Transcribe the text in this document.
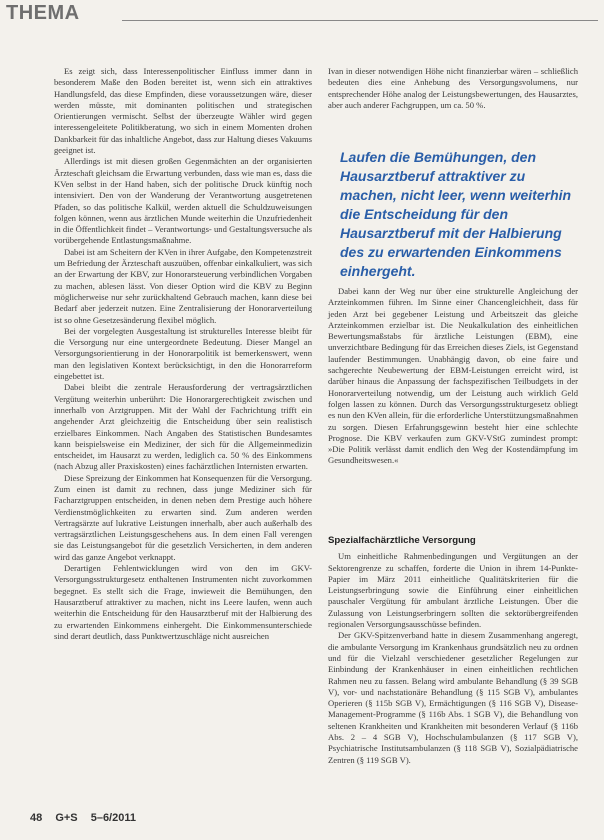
THEMA

Es zeigt sich, dass Interessenpolitischer Einfluss immer dann in besonderem Maße den Boden bereitet ist, wenn sich ein attraktives Handlungsfeld, das diese Empfinden, diese voraussetzungen wäre, dieser werden müsste, mit dominanten politischen und strategischen Orientierungen vermischt. Selbst der überzeugte Wähler wird gegen interessengeleitete Politikberatung, wo sich in einem Momenten drohen Dankbarkeit für das inhaltliche Angebot, dass zur Haltung dieses Vakuums geeignet ist.

Allerdings ist mit diesen großen Gegenmächten an der organisierten Ärzteschaft gleichsam die Erwartung verbunden, dass wie man es, dass die KVen selbst in der Hand haben, sich der politische Druck künftig noch intensiviert. Den von der Wanderung der Verantwortung ausgetretenen Pfaden, so das politische Kalkül, werden aktuell die Schuldzuweisungen folgen können, wenn aus ärztlichen Munde weiterhin die Unzufriedenheit in die Öffentlichkeit findet – Verantwortungs- und Gestaltungsversuche als vorübergehende Entlastungsmaßnahme.

Dabei ist am Scheitern der KVen in ihrer Aufgabe, den Kompetenzstreit um Befriedung der Ärzteschaft auszuüben, offenbar einkalkuliert, was sich an der Erwartung der KBV, zur Honorarsteuerung verbindlichen Vorgaben zu machen, ablesen lässt. Von dieser Option wird die KBV zu Beginn möglicherweise nur sehr zurückhaltend Gebrauch machen, kann diese bei Bedarf aber jederzeit nutzen. Eine Zentralisierung der Honorarverteilung ist so ohne Gesetzesänderung flexibel möglich.

Bei der vorgelegten Ausgestaltung ist strukturelles Interesse bleibt für die Versorgung nur eine untergeordnete Bedeutung. Dieser Mangel an Versorgungsorientierung in der Honorarpolitik ist bemerkenswert, wenn man den legislativen Kontext berücksichtigt, in den die Honorarreform eingebettet ist.

Dabei bleibt die zentrale Herausforderung der vertragsärztlichen Vergütung weiterhin unberührt: Die Honorargerechtigkeit zwischen und innerhalb von Arztgruppen. Mit der Wahl der Fachrichtung trifft ein angehender Arzt gleichzeitig die Entscheidung über sein realistisch erzielbares Einkommen. Nach Angaben des Statistischen Bundesamtes kann beispielsweise ein Mediziner, der sich für die Allgemeinmedizin entscheidet, im Hausarzt zu werden, lediglich ca. 50 % des Einkommens (nach Abzug aller Praxiskosten) eines fachärztlichen Internisten erwarten.

Diese Spreizung der Einkommen hat Konsequenzen für die Versorgung. Zum einen ist damit zu rechnen, dass junge Mediziner sich für Facharztgruppen entscheiden, in denen neben dem Prestige auch höhere Verdienstmöglichkeiten zu erwarten sind. Zum anderen werden Vertragsärzte auf lukrative Leistungen innerhalb, aber auch außerhalb des vertragsärztlichen Leistungsgeschehens aus. In dem einen Fall verengen sie das Leistungsangebot für die gesetzlich Versicherten, in dem anderen wird das ganze Angebot verknappt.

Derartigen Fehlentwicklungen wird von den im GKV-Versorgungsstrukturgesetz enthaltenen Instrumenten nicht zuvorkommen begegnet. Es stellt sich die Frage, inwieweit die Bemühungen, den Hausarztberuf attraktiver zu machen, nicht ins Leere laufen, wenn auch weiterhin die Entscheidung für den Hausarztberuf mit der Halbierung des zu erwartenden Einkommens einhergeht. Die Einkommensunterschiede sind derart deutlich, dass Punktwertzuschläge nicht ausreichen

Ivan in dieser notwendigen Höhe nicht finanzierbar wären – schließlich bedeuten dies eine Anhebung des Versorgungsvolumens, nur entsprechender Höhe analog der Leistungsbewertungen, des Hausarztes, aber auch anderer Fachgruppen, um ca. 50 %.

Laufen die Bemühungen, den Hausarztberuf attraktiver zu machen, nicht leer, wenn weiterhin die Entscheidung für den Hausarztberuf mit der Halbierung des zu erwartenden Einkommens einhergeht.

Dabei kann der Weg nur über eine strukturelle Angleichung der Arzteinkommen führen. Im Sinne einer Chancengleichheit, dass für jeden Arzt bei gegebener Leistung und Arbeitszeit das gleiche Arzteinkommen erzielbar ist. Die Neukalkulation des einheitlichen Bewertungsmaßstabs für ärztliche Leistungen (EBM), eine unverzichtbare Bedingung für das Erreichen dieses Ziels, ist Gegenstand laufender Bestimmungen. Unabhängig davon, ob eine faire und sachgerechte Neubewertung der EBM-Leistungen erreicht wird, ist darüber hinaus die Anpassung der fachspezifischen Teilbudgets in der Honorarverteilung notwendig, um der Leistung auch wirklich Geld folgen lassen zu können. Durch das Versorgungsstrukturgesetz obliegt es nun den KVen allein, für die erforderliche Unterstützungsmaßnahmen zu sorgen. Diesen Erfahrungsgewinn besteht hier eine schlechte Prognose. Die KBV verkaufen zum GKV-VStG zumindest prompt: »Die Politik verlässt damit endlich den Weg der Kostendämpfung im Gesundheitswesen.«

Spezialfachärztliche Versorgung

Um einheitliche Rahmenbedingungen und Vergütungen an der Sektorengrenze zu schaffen, forderte die Union in ihrem 14-Punkte-Papier im März 2011 einheitliche Qualitätskriterien für die Leistungserbringung sowie die Einführung einer einheitlichen pauschaler Vergütung für ambulant ärztliche Leistungen. Über die Zulassung von Leistungserbringern sollten die sektorübergreifenden regionalen Versorgungsausschüsse befinden.

Der GKV-Spitzenverband hatte in diesem Zusammenhang angeregt, die ambulante Versorgung im Krankenhaus grundsätzlich neu zu ordnen und für die Vielzahl verschiedener gesetzlicher Regelungen zur Einbindung der Krankenhäuser in einen einheitlichen rechtlichen Rahmen neu zu fassen. Belang wird ambulante Behandlung (§ 39 SGB V), vor- und nachstationäre Behandlung (§ 115 SGB V), ambulantes Operieren (§ 115b SGB V), Ermächtigungen (§ 116 SGB V), Disease-Management-Programme (§ 116b Abs. 1 SGB V), die Behandlung von seltenen Krankheiten und Krankheiten mit besonderen Verlauf (§ 116b Abs. 2 – 4 SGB V), Hochschulambulanzen (§ 117 SGB V), Psychiatrische Institutsambulanzen (§ 118 SGB V), Sozialpädiatrische Zentren (§ 119 SGB V).

48 G+S 5–6/2011
